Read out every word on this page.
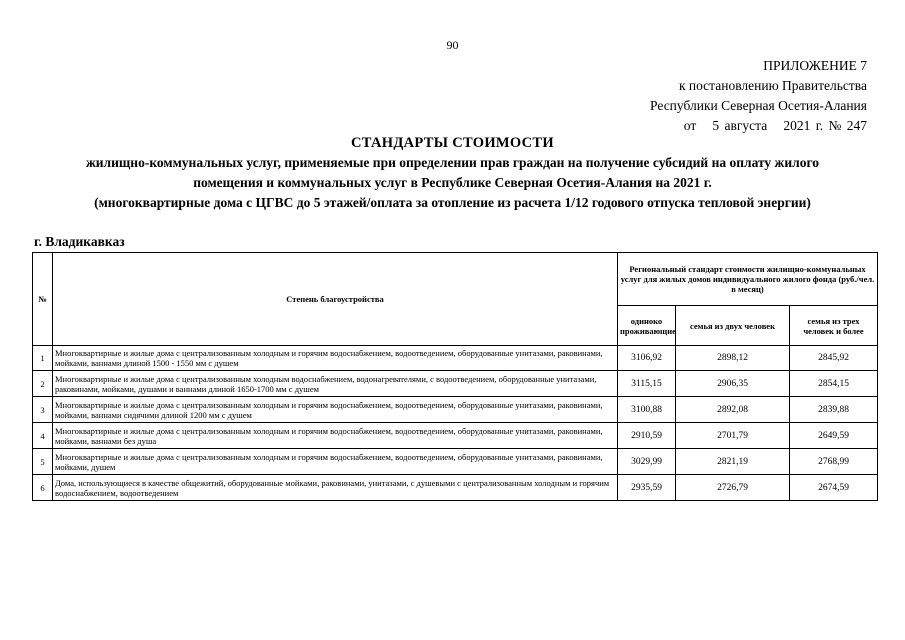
90
ПРИЛОЖЕНИЕ 7
к постановлению Правительства
Республики Северная Осетия-Алания
от   5 августа   2021 г. № 247
СТАНДАРТЫ СТОИМОСТИ
жилищно-коммунальных услуг, применяемые при определении прав граждан на получение субсидий на оплату жилого
помещения и коммунальных услуг в Республике Северная Осетия-Алания на 2021 г.
(многоквартирные дома с ЦГВС до 5 этажей/оплата за отопление из расчета 1/12 годового отпуска тепловой энергии)
г. Владикавказ
№	Степень благоустройства	Региональный стандарт стоимости жилищно-коммунальных услуг для жилых домов индивидуального жилого фонда (руб./чел. в месяц)		
		одиноко проживающие	семья из двух человек	семья из трех человек и более
1	Многоквартирные и жилые дома с централизованным холодным и горячим водоснабжением, водоотведением, оборудованные унитазами, раковинами, мойками, ваннами длиной 1500 - 1550 мм с душем	3106,92	2898,12	2845,92
2	Многоквартирные и жилые дома с централизованным холодным водоснабжением, водонагревателями, с водоотведением, оборудованные унитазами, раковинами, мойками, душами и ваннами длиной 1650-1700 мм с душем	3115,15	2906,35	2854,15
3	Многоквартирные и жилые дома с централизованным холодным и горячим водоснабжением, водоотведением, оборудованные унитазами, раковинами, мойками, ваннами сидячими длиной 1200 мм с душем	3100,88	2892,08	2839,88
4	Многоквартирные и жилые дома с централизованным холодным и горячим водоснабжением, водоотведением, оборудованные унитазами, раковинами, мойками, ваннами без душа	2910,59	2701,79	2649,59
5	Многоквартирные и жилые дома с централизованным холодным и горячим водоснабжением, водоотведением, оборудованные унитазами, раковинами, мойками, душем	3029,99	2821,19	2768,99
6	Дома, использующиеся в качестве общежитий, оборудованные мойками, раковинами, унитазами, с душевыми с централизованным холодным и горячим водоснабжением, водоотведением	2935,59	2726,79	2674,59
